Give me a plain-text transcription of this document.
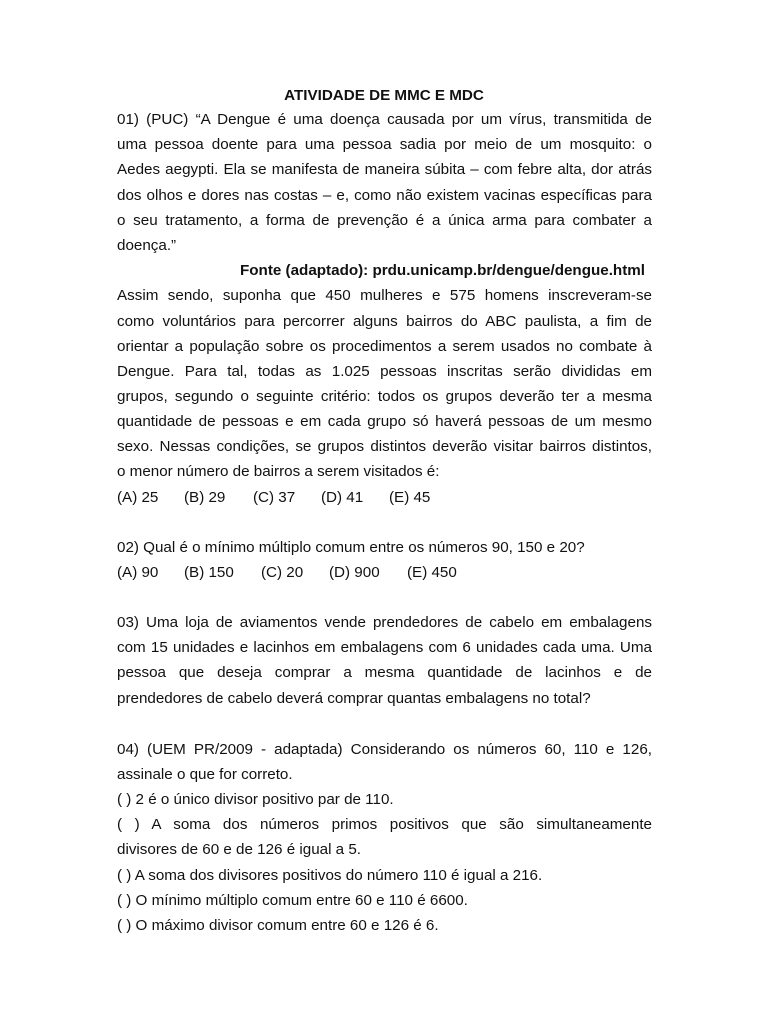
ATIVIDADE DE MMC E MDC
01) (PUC) “A Dengue é uma doença causada por um vírus, transmitida de
uma pessoa doente para uma pessoa sadia por meio de um mosquito: o
Aedes aegypti. Ela se manifesta de maneira súbita – com febre alta, dor atrás
dos olhos e dores nas costas – e, como não existem vacinas específicas para
o seu tratamento, a forma de prevenção é a única arma para combater a
doença.”
Fonte (adaptado): prdu.unicamp.br/dengue/dengue.html
Assim sendo, suponha que 450 mulheres e 575 homens inscreveram-se
como voluntários para percorrer alguns bairros do ABC paulista, a fim de
orientar a população sobre os procedimentos a serem usados no combate à
Dengue. Para tal, todas as 1.025 pessoas inscritas serão divididas em
grupos, segundo o seguinte critério: todos os grupos deverão ter a mesma
quantidade de pessoas e em cada grupo só haverá pessoas de um mesmo
sexo. Nessas condições, se grupos distintos deverão visitar bairros distintos,
o menor número de bairros a serem visitados é:
(A) 25 (B) 29 (C) 37 (D) 41 (E) 45
02) Qual é o mínimo múltiplo comum entre os números 90, 150 e 20?
(A) 90 (B) 150 (C) 20 (D) 900 (E) 450
03) Uma loja de aviamentos vende prendedores de cabelo em embalagens
com 15 unidades e lacinhos em embalagens com 6 unidades cada uma. Uma
pessoa que deseja comprar a mesma quantidade de lacinhos e de
prendedores de cabelo deverá comprar quantas embalagens no total?
04) (UEM PR/2009 - adaptada) Considerando os números 60, 110 e 126,
assinale o que for correto.
( ) 2 é o único divisor positivo par de 110.
( ) A soma dos números primos positivos que são simultaneamente
divisores de 60 e de 126 é igual a 5.
( ) A soma dos divisores positivos do número 110 é igual a 216.
( ) O mínimo múltiplo comum entre 60 e 110 é 6600.
( ) O máximo divisor comum entre 60 e 126 é 6.
